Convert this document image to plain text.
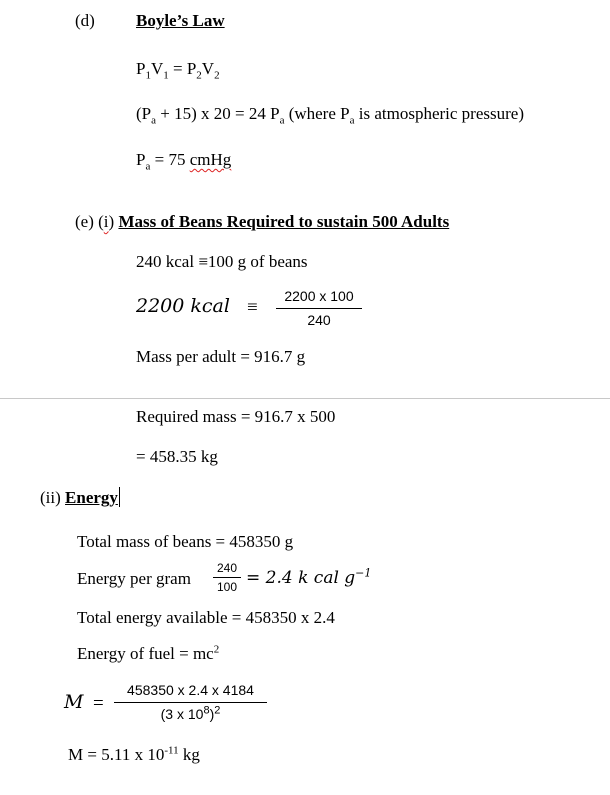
(d) Boyle’s Law
$P_1V_1 = P_2V_2$
$(P_a + 15)$ x 20 = 24 $P_a$ (where $P_a$ is atmospheric pressure)
$P_a = 75$ cmHg
(e) (i) Mass of Beans Required to sustain 500 Adults
240 kcal ≡100 g of beans
2200 kcal ≡
2200 x 100
240
Mass per adult = 916.7 g
Required mass = 916.7 x 500
= 458.35 kg
(ii) Energy
Total mass of beans = 458350 g
Energy per gram
240
100 = 2.4 k cal $g^{-1}$
Total energy available = 458350 x 2.4
Energy of fuel = $mc^2$
M =
458350 x 2.4 x 4184
(3 x $10^8)^2$
M = 5.11 x $10^{-11}$ kg
